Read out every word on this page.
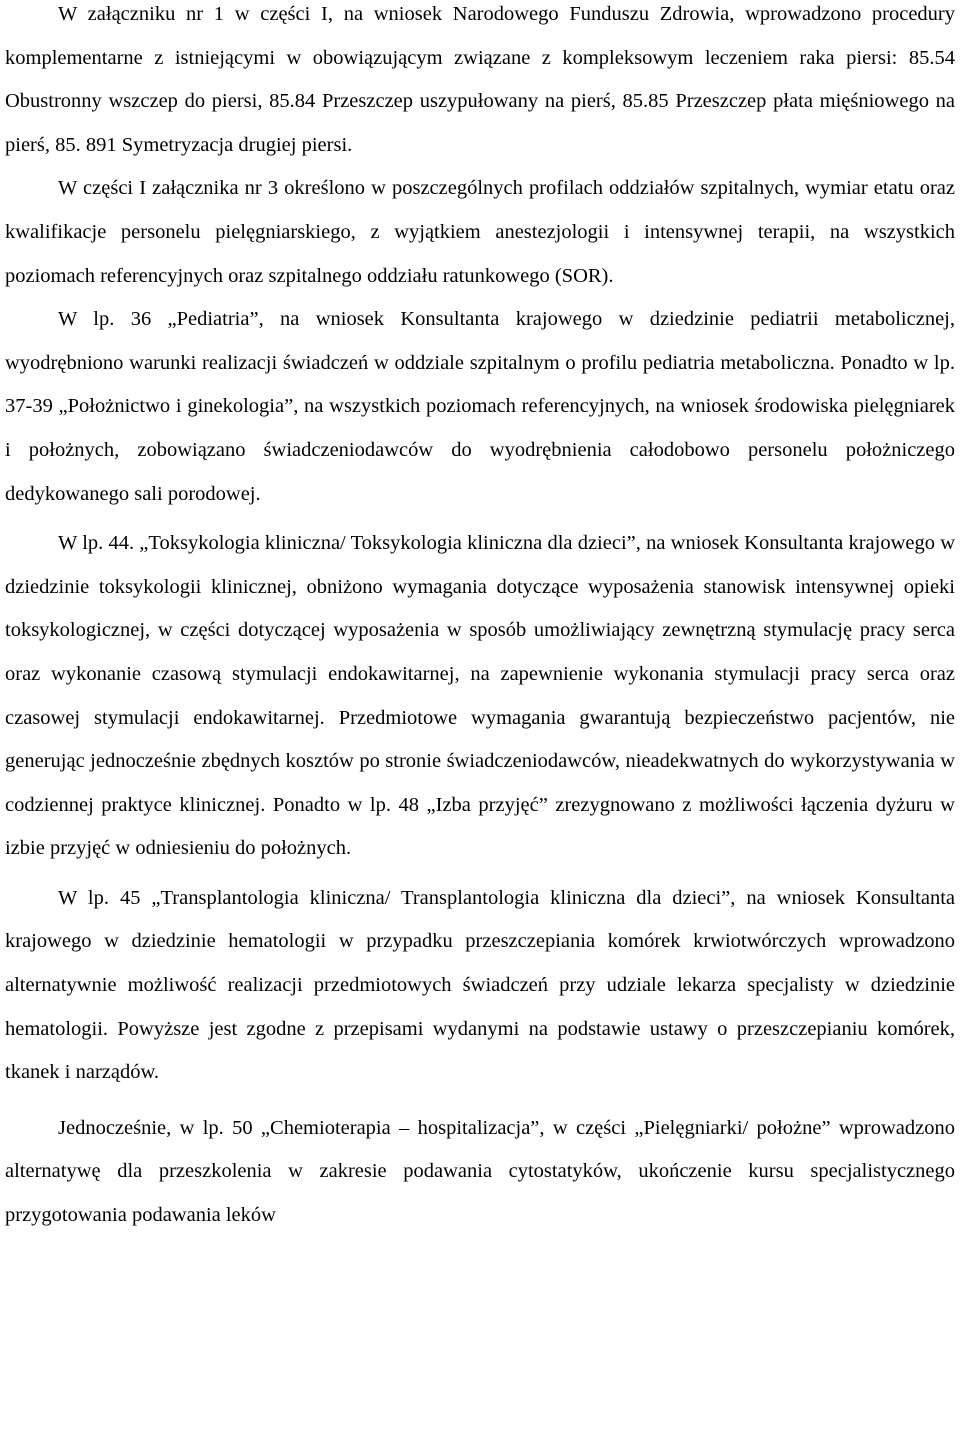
W załączniku nr 1 w części I, na wniosek Narodowego Funduszu Zdrowia, wprowadzono procedury komplementarne z istniejącymi w obowiązującym związane z kompleksowym leczeniem raka piersi: 85.54 Obustronny wszczep do piersi, 85.84 Przeszczep uszypułowany na pierś, 85.85 Przeszczep płata mięśniowego na pierś, 85. 891 Symetryzacja drugiej piersi.

W części I załącznika nr 3 określono w poszczególnych profilach oddziałów szpitalnych, wymiar etatu oraz kwalifikacje personelu pielęgniarskiego, z wyjątkiem anestezjologii i intensywnej terapii, na wszystkich poziomach referencyjnych oraz szpitalnego oddziału ratunkowego (SOR).

W lp. 36 „Pediatria”, na wniosek Konsultanta krajowego w dziedzinie pediatrii metabolicznej, wyodrębniono warunki realizacji świadczeń w oddziale szpitalnym o profilu pediatria metaboliczna. Ponadto w lp. 37-39 „Położnictwo i ginekologia”, na wszystkich poziomach referencyjnych, na wniosek środowiska pielęgniarek i położnych, zobowiązano świadczeniodawców do wyodrębnienia całodobowo personelu położniczego dedykowanego sali porodowej.

W lp. 44. „Toksykologia kliniczna/ Toksykologia kliniczna dla dzieci”, na wniosek Konsultanta krajowego w dziedzinie toksykologii klinicznej, obniżono wymagania dotyczące wyposażenia stanowisk intensywnej opieki toksykologicznej, w części dotyczącej wyposażenia w sposób umożliwiający zewnętrzną stymulację pracy serca oraz wykonanie czasową stymulacji endokawitarnej, na zapewnienie wykonania stymulacji pracy serca oraz czasowej stymulacji endokawitarnej. Przedmiotowe wymagania gwarantują bezpieczeństwo pacjentów, nie generując jednocześnie zbędnych kosztów po stronie świadczeniodawców, nieadekwatnych do wykorzystywania w codziennej praktyce klinicznej. Ponadto w lp. 48 „Izba przyjęć” zrezygnowano z możliwości łączenia dyżuru w izbie przyjęć w odniesieniu do położnych.

W lp. 45 „Transplantologia kliniczna/ Transplantologia kliniczna dla dzieci”, na wniosek Konsultanta krajowego w dziedzinie hematologii w przypadku przeszczepiania komórek krwiotwórczych wprowadzono alternatywnie możliwość realizacji przedmiotowych świadczeń przy udziale lekarza specjalisty w dziedzinie hematologii. Powyższe jest zgodne z przepisami wydanymi na podstawie ustawy o przeszczepianiu komórek, tkanek i narządów.

Jednocześnie, w lp. 50 „Chemioterapia – hospitalizacja”, w części „Pielęgniarki/ położne” wprowadzono alternatywę dla przeszkolenia w zakresie podawania cytostatyków, ukończenie kursu specjalistycznego przygotowania podawania leków
